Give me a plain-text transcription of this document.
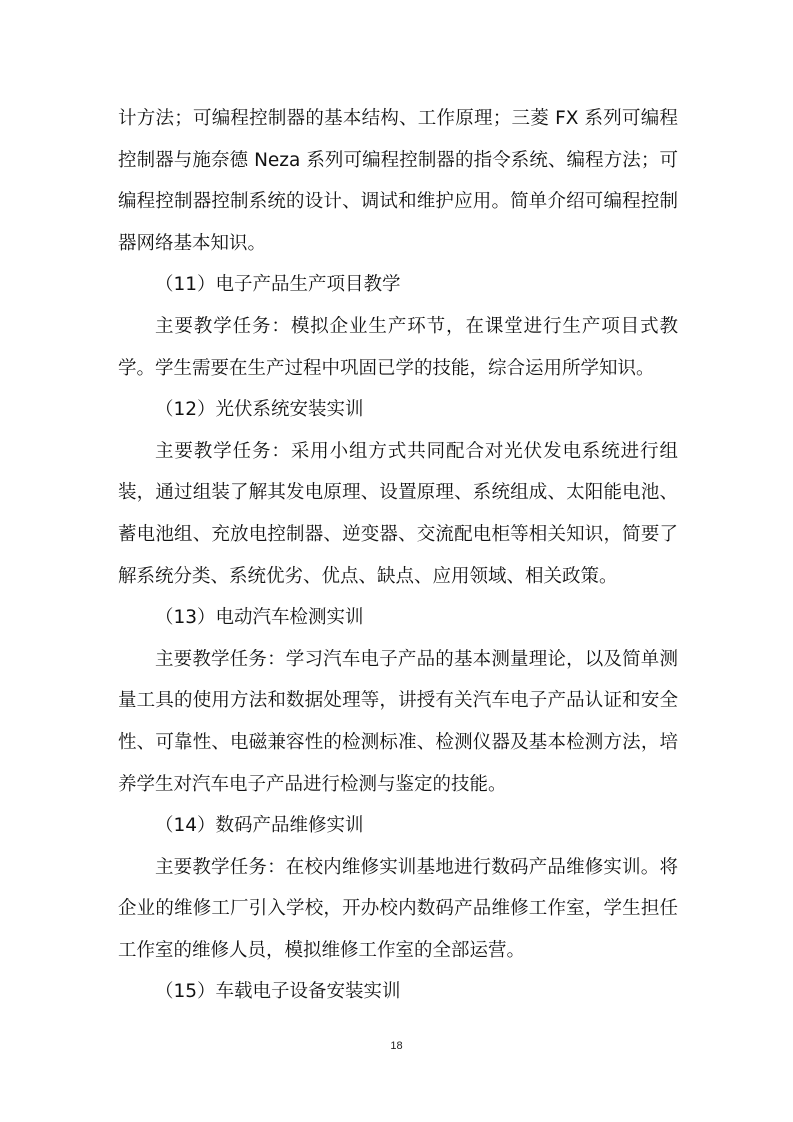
计方法；可编程控制器的基本结构、工作原理；三菱 FX 系列可编程控制器与施奈德 Neza 系列可编程控制器的指令系统、编程方法；可编程控制器控制系统的设计、调试和维护应用。简单介绍可编程控制器网络基本知识。

（11）电子产品生产项目教学

主要教学任务：模拟企业生产环节，在课堂进行生产项目式教学。学生需要在生产过程中巩固已学的技能，综合运用所学知识。

（12）光伏系统安装实训

主要教学任务：采用小组方式共同配合对光伏发电系统进行组装，通过组装了解其发电原理、设置原理、系统组成、太阳能电池、蓄电池组、充放电控制器、逆变器、交流配电柜等相关知识，简要了解系统分类、系统优劣、优点、缺点、应用领域、相关政策。

（13）电动汽车检测实训

主要教学任务：学习汽车电子产品的基本测量理论，以及简单测量工具的使用方法和数据处理等，讲授有关汽车电子产品认证和安全性、可靠性、电磁兼容性的检测标准、检测仪器及基本检测方法，培养学生对汽车电子产品进行检测与鉴定的技能。

（14）数码产品维修实训

主要教学任务：在校内维修实训基地进行数码产品维修实训。将企业的维修工厂引入学校，开办校内数码产品维修工作室，学生担任工作室的维修人员，模拟维修工作室的全部运营。

（15）车载电子设备安装实训

18
